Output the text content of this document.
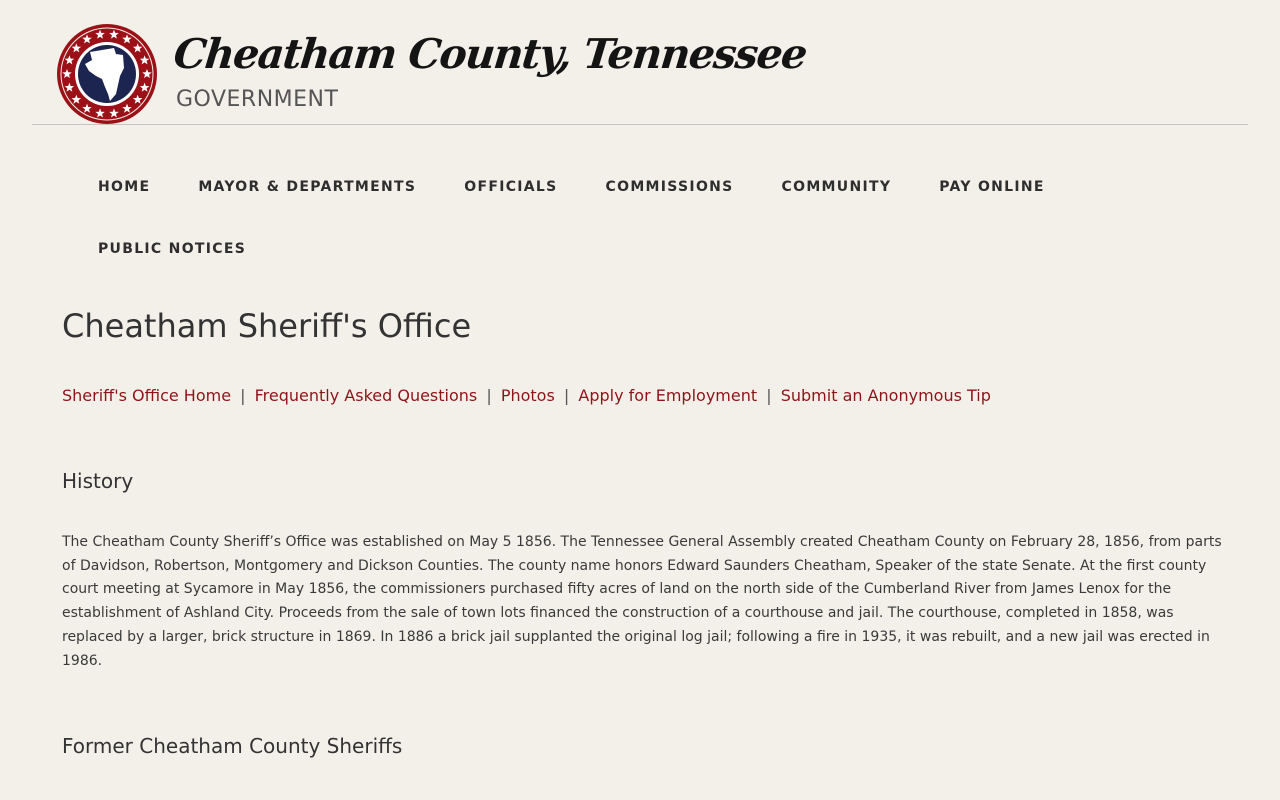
Cheatham County, Tennessee
GOVERNMENT
HOME	MAYOR & DEPARTMENTS	OFFICIALS	COMMISSIONS	COMMUNITY	PAY ONLINE
PUBLIC NOTICES
Cheatham Sheriff's Office
Sheriff's Office Home | Frequently Asked Questions | Photos | Apply for Employment | Submit an Anonymous Tip
History

The Cheatham County Sheriff’s Office was established on May 5 1856. The Tennessee General Assembly created Cheatham County on February 28, 1856, from parts of Davidson, Robertson, Montgomery and Dickson Counties. The county name honors Edward Saunders Cheatham, Speaker of the state Senate. At the first county court meeting at Sycamore in May 1856, the commissioners purchased fifty acres of land on the north side of the Cumberland River from James Lenox for the establishment of Ashland City. Proceeds from the sale of town lots financed the construction of a courthouse and jail. The courthouse, completed in 1858, was replaced by a larger, brick structure in 1869. In 1886 a brick jail supplanted the original log jail; following a fire in 1935, it was rebuilt, and a new jail was erected in 1986.

Former Cheatham County Sheriffs
